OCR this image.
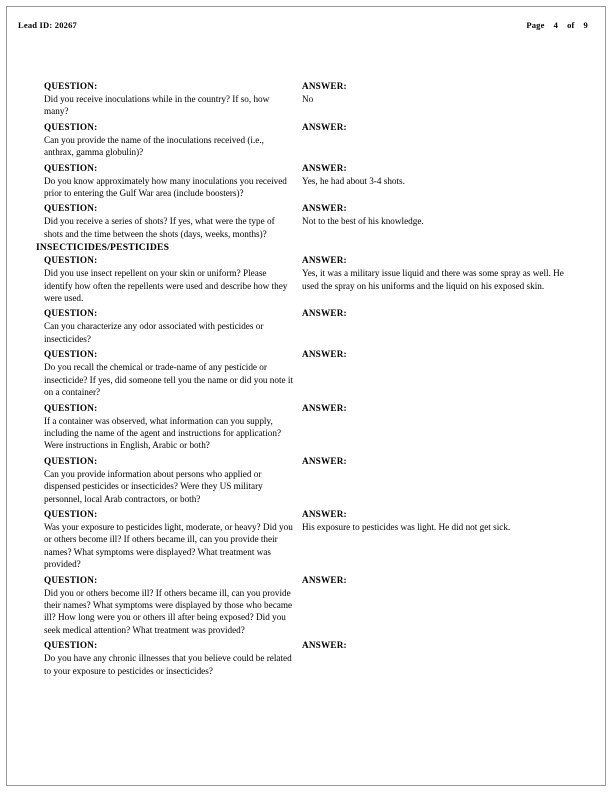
Lead ID: 20267	Page 4 of 9
QUESTION:
Did you receive inoculations while in the country? If so, how many?
ANSWER:
No
QUESTION:
Can you provide the name of the inoculations received (i.e., anthrax, gamma globulin)?
ANSWER:
QUESTION:
Do you know approximately how many inoculations you received prior to entering the Gulf War area (include boosters)?
ANSWER:
Yes, he had about 3-4 shots.
QUESTION:
Did you receive a series of shots? If yes, what were the type of shots and the time between the shots (days, weeks, months)?
ANSWER:
Not to the best of his knowledge.
INSECTICIDES/PESTICIDES
QUESTION:
Did you use insect repellent on your skin or uniform? Please identify how often the repellents were used and describe how they were used.
ANSWER:
Yes, it was a military issue liquid and there was some spray as well. He used the spray on his uniforms and the liquid on his exposed skin.
QUESTION:
Can you characterize any odor associated with pesticides or insecticides?
ANSWER:
QUESTION:
Do you recall the chemical or trade-name of any pesticide or insecticide? If yes, did someone tell you the name or did you note it on a container?
ANSWER:
QUESTION:
If a container was observed, what information can you supply, including the name of the agent and instructions for application? Were instructions in English, Arabic or both?
ANSWER:
QUESTION:
Can you provide information about persons who applied or dispensed pesticides or insecticides? Were they US military personnel, local Arab contractors, or both?
ANSWER:
QUESTION:
Was your exposure to pesticides light, moderate, or heavy? Did you or others become ill? If others became ill, can you provide their names? What symptoms were displayed? What treatment was provided?
ANSWER:
His exposure to pesticides was light. He did not get sick.
QUESTION:
Did you or others become ill? If others became ill, can you provide their names? What symptoms were displayed by those who became ill? How long were you or others ill after being exposed? Did you seek medical attention? What treatment was provided?
ANSWER:
QUESTION:
Do you have any chronic illnesses that you believe could be related to your exposure to pesticides or insecticides?
ANSWER:
